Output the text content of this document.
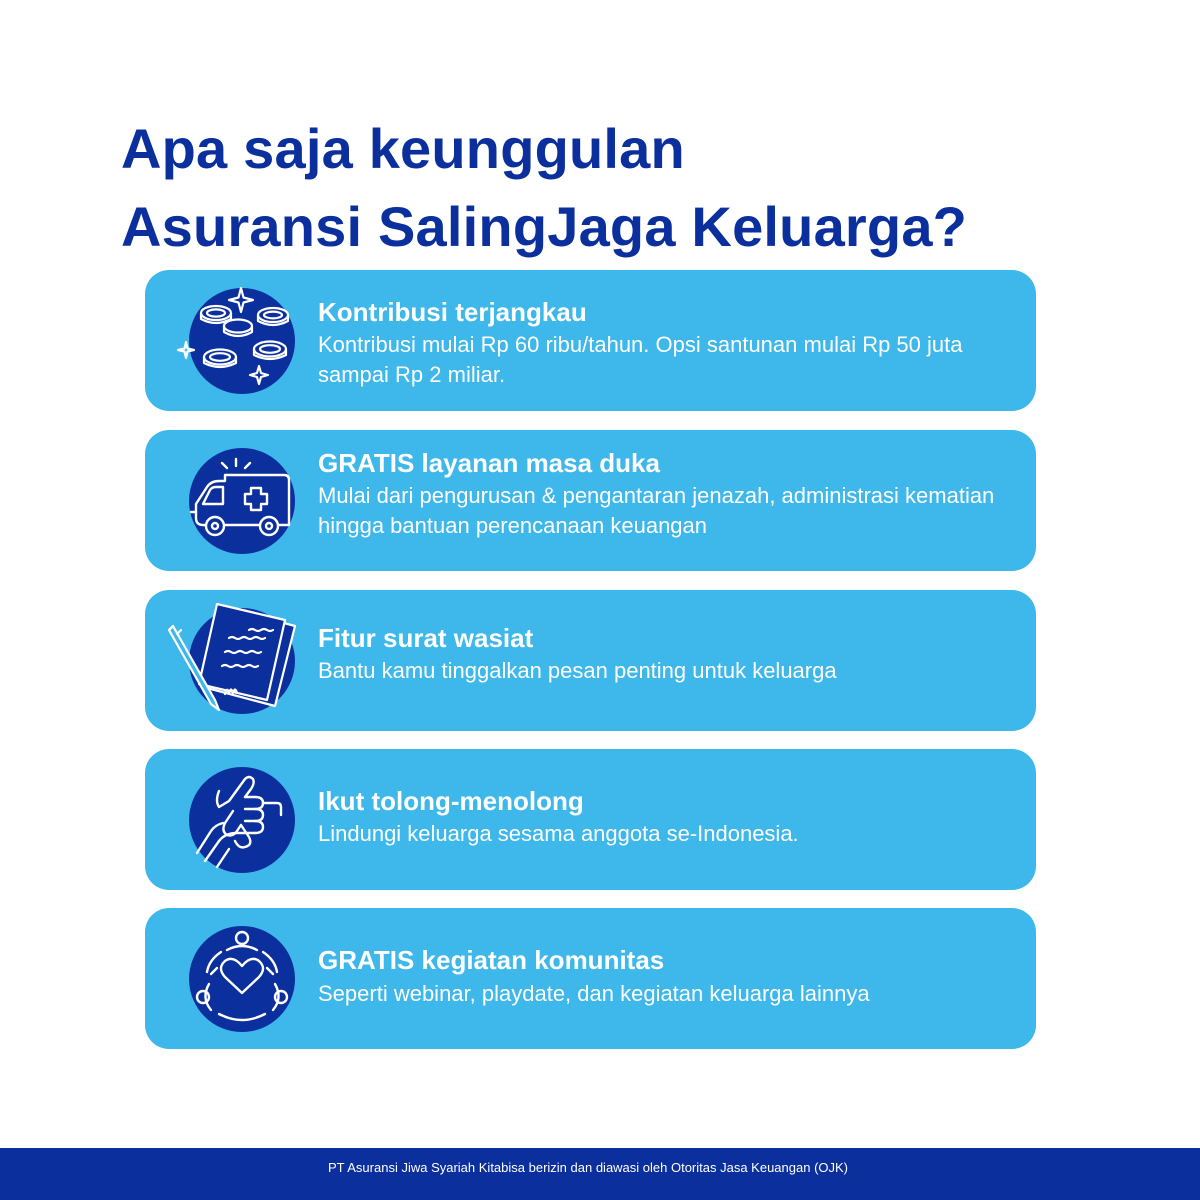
Apa saja keunggulan
Asuransi SalingJaga Keluarga?
Kontribusi terjangkau

Kontribusi mulai Rp 60 ribu/tahun. Opsi santunan mulai Rp 50 juta sampai Rp 2 miliar.

GRATIS layanan masa duka

Mulai dari pengurusan & pengantaran jenazah, administrasi kematian hingga bantuan perencanaan keuangan

Fitur surat wasiat

Bantu kamu tinggalkan pesan penting untuk keluarga

Ikut tolong-menolong

Lindungi keluarga sesama anggota se-Indonesia.

GRATIS kegiatan komunitas

Seperti webinar, playdate, dan kegiatan keluarga lainnya

PT Asuransi Jiwa Syariah Kitabisa berizin dan diawasi oleh Otoritas Jasa Keuangan (OJK)
